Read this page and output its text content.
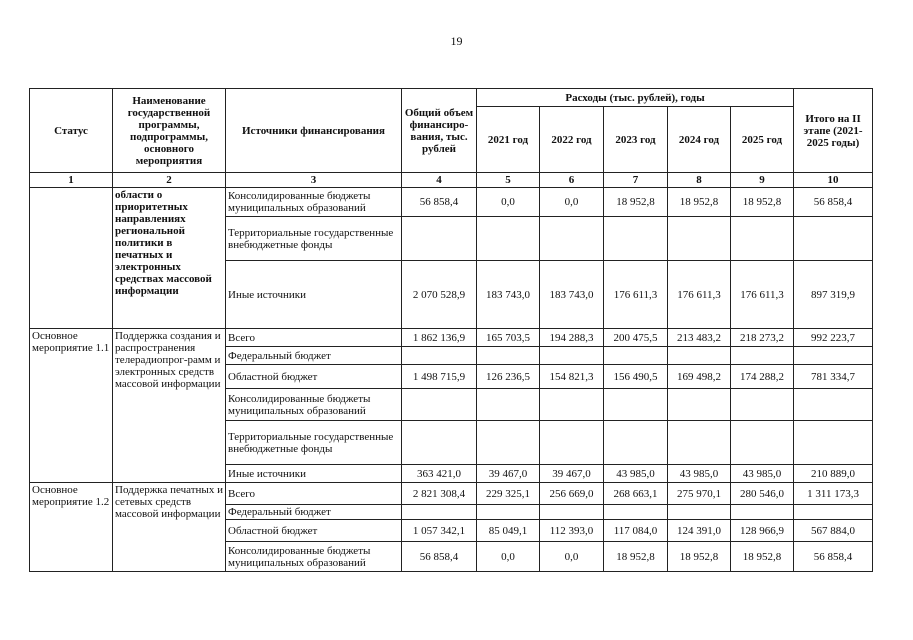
19
Статус	Наименование государственной программы, подпрограммы, основного мероприятия	Источники финансирования	Общий объем финансиро-вания, тыс. рублей	Расходы (тыс. рублей), годы					Итого на II этапе (2021-2025 годы)
				2021 год	2022 год	2023 год	2024 год	2025 год	
1	2	3	4	5	6	7	8	9	10
	области о приоритетных направлениях региональной политики в печатных и электронных средствах массовой информации	Консолидированные бюджеты муниципальных образований	56 858,4	0,0	0,0	18 952,8	18 952,8	18 952,8	56 858,4
		Территориальные государственные внебюджетные фонды							
		Иные источники	2 070 528,9	183 743,0	183 743,0	176 611,3	176 611,3	176 611,3	897 319,9
Основное мероприятие 1.1	Поддержка создания и распространения телерадиопрог-рамм и электронных средств массовой информации	Всего	1 862 136,9	165 703,5	194 288,3	200 475,5	213 483,2	218 273,2	992 223,7
		Федеральный бюджет							
		Областной бюджет	1 498 715,9	126 236,5	154 821,3	156 490,5	169 498,2	174 288,2	781 334,7
		Консолидированные бюджеты муниципальных образований							
		Территориальные государственные внебюджетные фонды							
		Иные источники	363 421,0	39 467,0	39 467,0	43 985,0	43 985,0	43 985,0	210 889,0
Основное мероприятие 1.2	Поддержка печатных и сетевых средств массовой информации	Всего	2 821 308,4	229 325,1	256 669,0	268 663,1	275 970,1	280 546,0	1 311 173,3
		Федеральный бюджет							
		Областной бюджет	1 057 342,1	85 049,1	112 393,0	117 084,0	124 391,0	128 966,9	567 884,0
		Консолидированные бюджеты муниципальных образований	56 858,4	0,0	0,0	18 952,8	18 952,8	18 952,8	56 858,4
